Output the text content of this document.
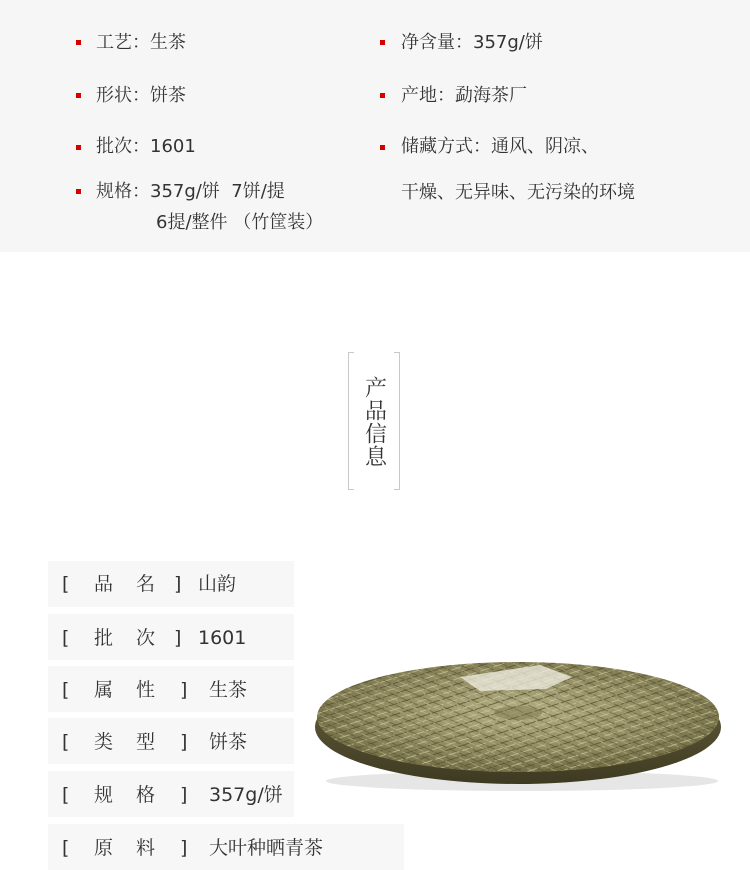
工艺：生茶
形状：饼茶
批次：1601
规格：357g/饼  7饼/提
6提/整件 （竹筐装）
净含量：357g/饼
产地：勐海茶厂
储藏方式：通风、阴凉、
干燥、无异味、无污染的环境
产品信息
[ 品 名 ] 山韵
[ 批 次 ] 1601
[ 属 性 ] 生茶
[ 类 型 ] 饼茶
[ 规 格 ] 357g/饼
[ 原 料 ] 大叶种晒青茶
